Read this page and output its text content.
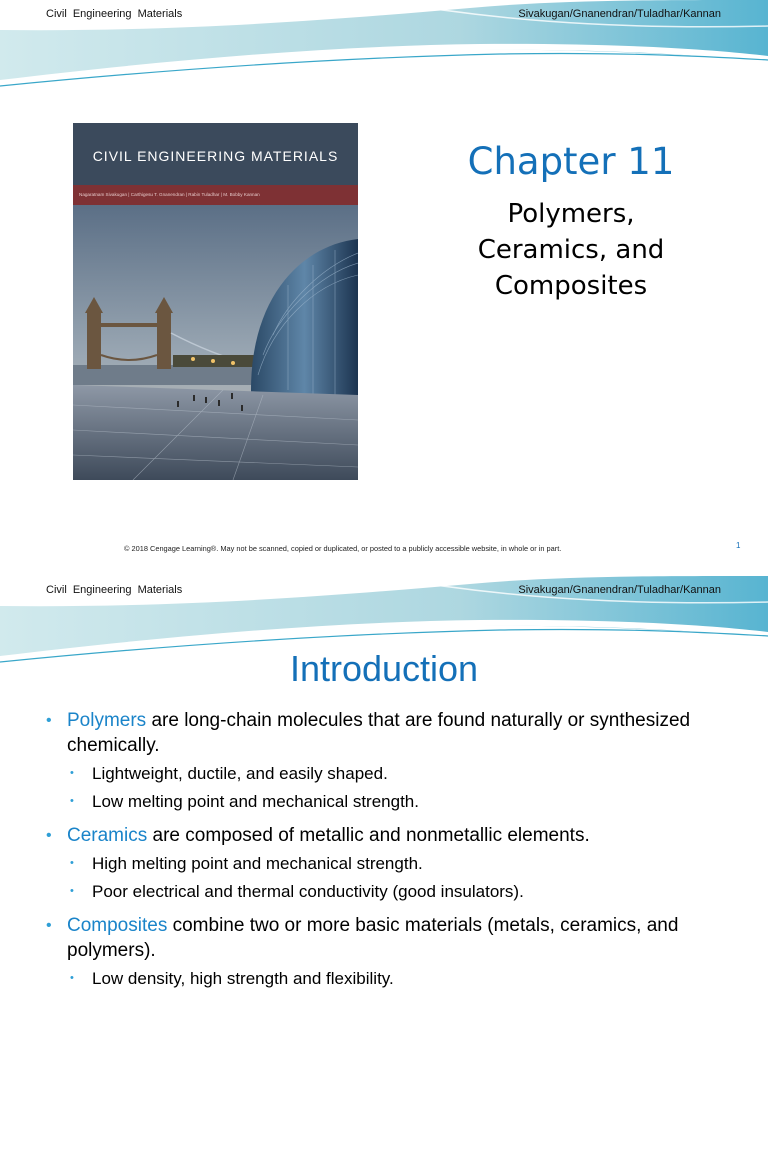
Civil Engineering Materials	Sivakugan/Gnanendran/Tuladhar/Kannan
CIVIL ENGINEERING MATERIALS
Nagaratnam Sivakugan | Carthigesu T. Gnanendran | Rabin Tuladhar | M. Bobby Kannan
Chapter 11
Polymers,
Ceramics, and
Composites
© 2018 Cengage Learning®. May not be scanned, copied or duplicated, or posted to a publicly accessible website, in whole or in part.	1
Civil Engineering Materials	Sivakugan/Gnanendran/Tuladhar/Kannan
Introduction
• Polymers are long-chain molecules that are found naturally or synthesized chemically.
• Lightweight, ductile, and easily shaped.
• Low melting point and mechanical strength.
• Ceramics are composed of metallic and nonmetallic elements.
• High melting point and mechanical strength.
• Poor electrical and thermal conductivity (good insulators).
• Composites combine two or more basic materials (metals, ceramics, and polymers).
• Low density, high strength and flexibility.
